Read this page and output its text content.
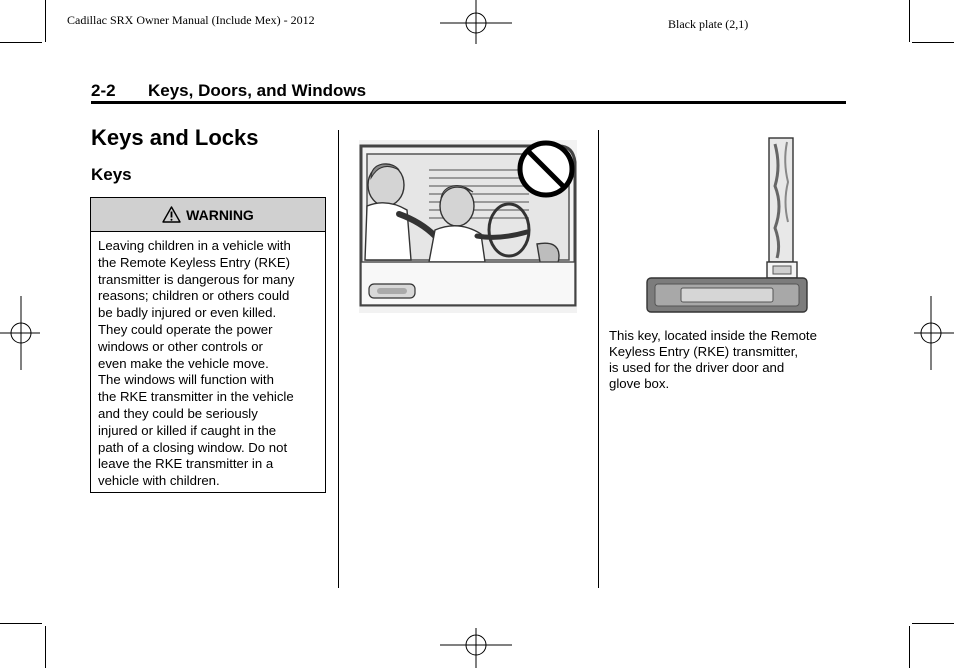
Cadillac SRX Owner Manual (Include Mex) - 2012	Black plate (2,1)
2-2 Keys, Doors, and Windows
Keys and Locks
Keys
WARNING
Leaving children in a vehicle with
the Remote Keyless Entry (RKE)
transmitter is dangerous for many
reasons; children or others could
be badly injured or even killed.
They could operate the power
windows or other controls or
even make the vehicle move.
The windows will function with
the RKE transmitter in the vehicle
and they could be seriously
injured or killed if caught in the
path of a closing window. Do not
leave the RKE transmitter in a
vehicle with children.
This key, located inside the Remote
Keyless Entry (RKE) transmitter,
is used for the driver door and
glove box.
